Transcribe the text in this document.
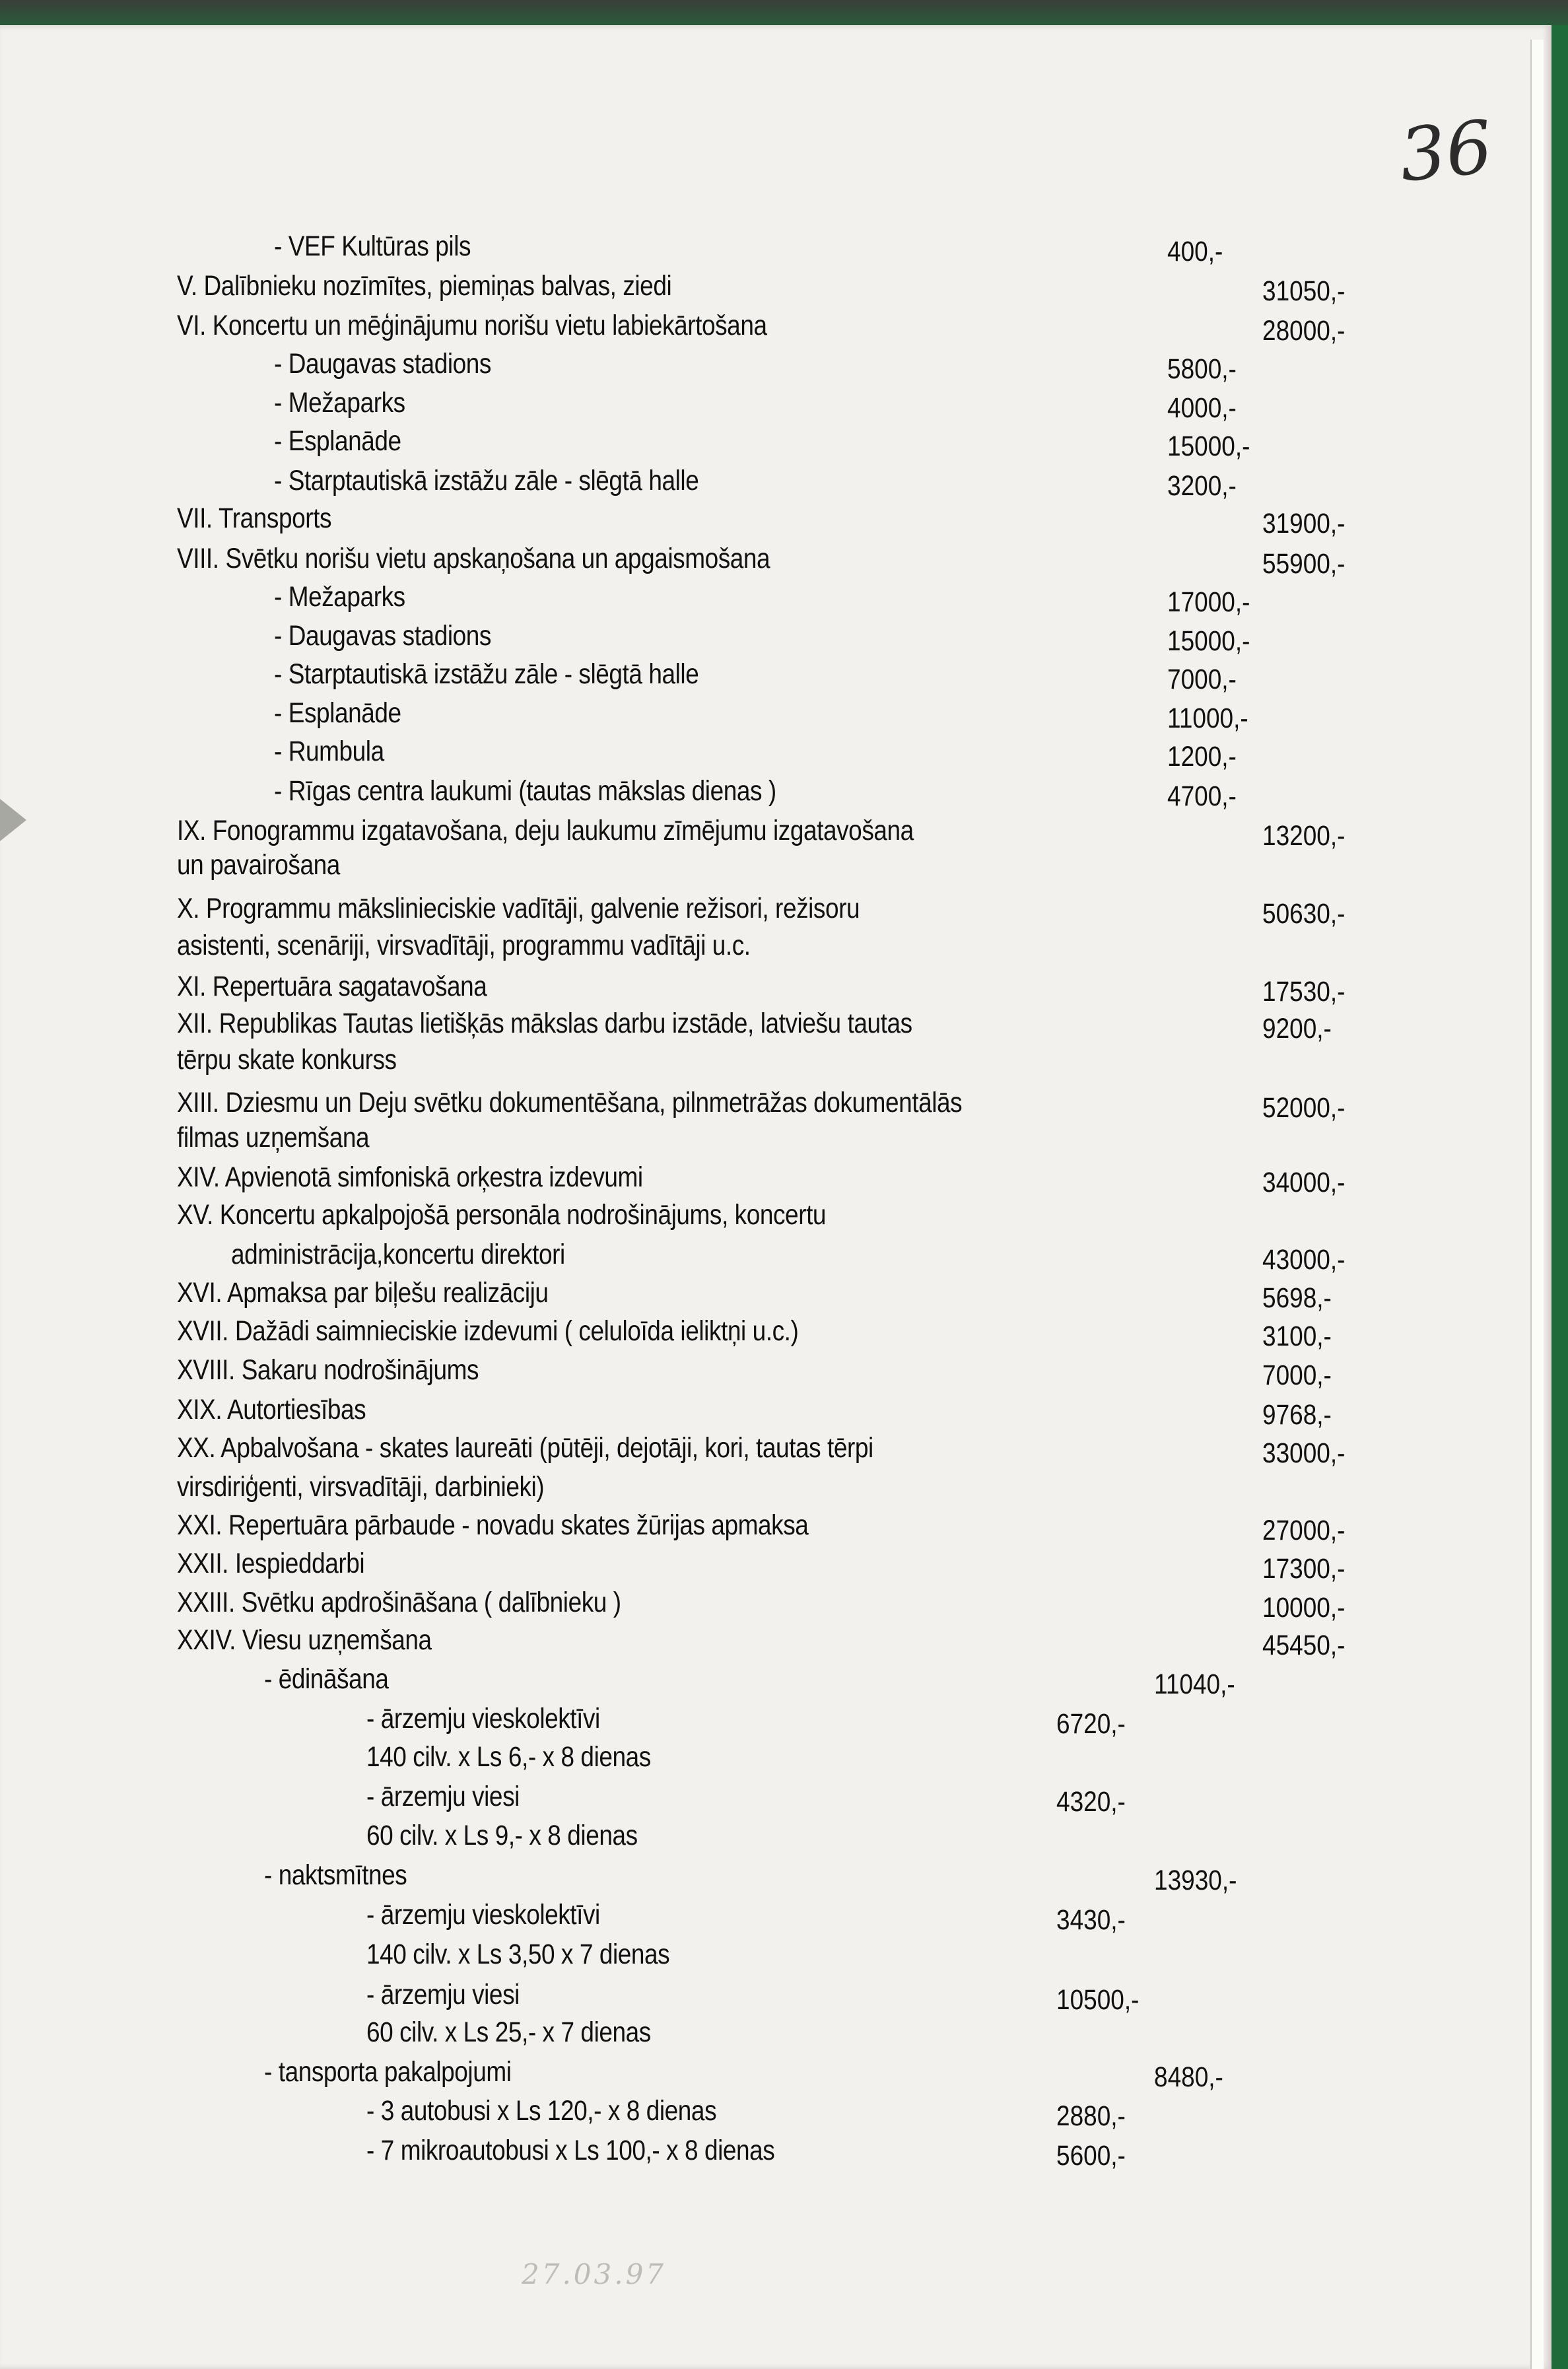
36
- VEF Kultūras pils	400,-
V. Dalībnieku nozīmītes, piemiņas balvas, ziedi	31050,-
VI. Koncertu un mēģinājumu norišu vietu labiekārtošana	28000,-
- Daugavas stadions	5800,-
- Mežaparks	4000,-
- Esplanāde	15000,-
- Starptautiskā izstāžu zāle - slēgtā halle	3200,-
VII. Transports	31900,-
VIII. Svētku norišu vietu apskaņošana un apgaismošana	55900,-
- Mežaparks	17000,-
- Daugavas stadions	15000,-
- Starptautiskā izstāžu zāle - slēgtā halle	7000,-
- Esplanāde	11000,-
- Rumbula	1200,-
- Rīgas centra laukumi (tautas mākslas dienas )	4700,-
IX. Fonogrammu izgatavošana, deju laukumu zīmējumu izgatavošana	13200,-
un pavairošana
X. Programmu mākslinieciskie vadītāji, galvenie režisori, režisoru	50630,-
asistenti, scenāriji, virsvadītāji, programmu vadītāji u.c.
XI. Repertuāra sagatavošana	17530,-
XII. Republikas Tautas lietišķās mākslas darbu izstāde, latviešu tautas	9200,-
tērpu skate konkurss
XIII. Dziesmu un Deju svētku dokumentēšana, pilnmetrāžas dokumentālās	52000,-
filmas uzņemšana
XIV. Apvienotā simfoniskā orķestra izdevumi	34000,-
XV. Koncertu apkalpojošā personāla nodrošinājums, koncertu
administrācija,koncertu direktori	43000,-
XVI. Apmaksa par biļešu realizāciju	5698,-
XVII. Dažādi saimnieciskie izdevumi ( celuloīda ieliktņi u.c.)	3100,-
XVIII. Sakaru nodrošinājums	7000,-
XIX. Autortiesības	9768,-
XX. Apbalvošana - skates laureāti (pūtēji, dejotāji, kori, tautas tērpi	33000,-
virsdiriģenti, virsvadītāji, darbinieki)
XXI. Repertuāra pārbaude - novadu skates žūrijas apmaksa	27000,-
XXII. Iespieddarbi	17300,-
XXIII. Svētku apdrošināšana ( dalībnieku )	10000,-
XXIV. Viesu uzņemšana	45450,-
- ēdināšana	11040,-
- ārzemju vieskolektīvi	6720,-
140 cilv. x Ls 6,- x 8 dienas
- ārzemju viesi	4320,-
60 cilv. x Ls 9,- x 8 dienas
- naktsmītnes	13930,-
- ārzemju vieskolektīvi	3430,-
140 cilv. x Ls 3,50 x 7 dienas
- ārzemju viesi	10500,-
60 cilv. x Ls 25,- x 7 dienas
- tansporta pakalpojumi	8480,-
- 3 autobusi x Ls 120,- x 8 dienas	2880,-
- 7 mikroautobusi x Ls 100,- x 8 dienas	5600,-
27.03.97
